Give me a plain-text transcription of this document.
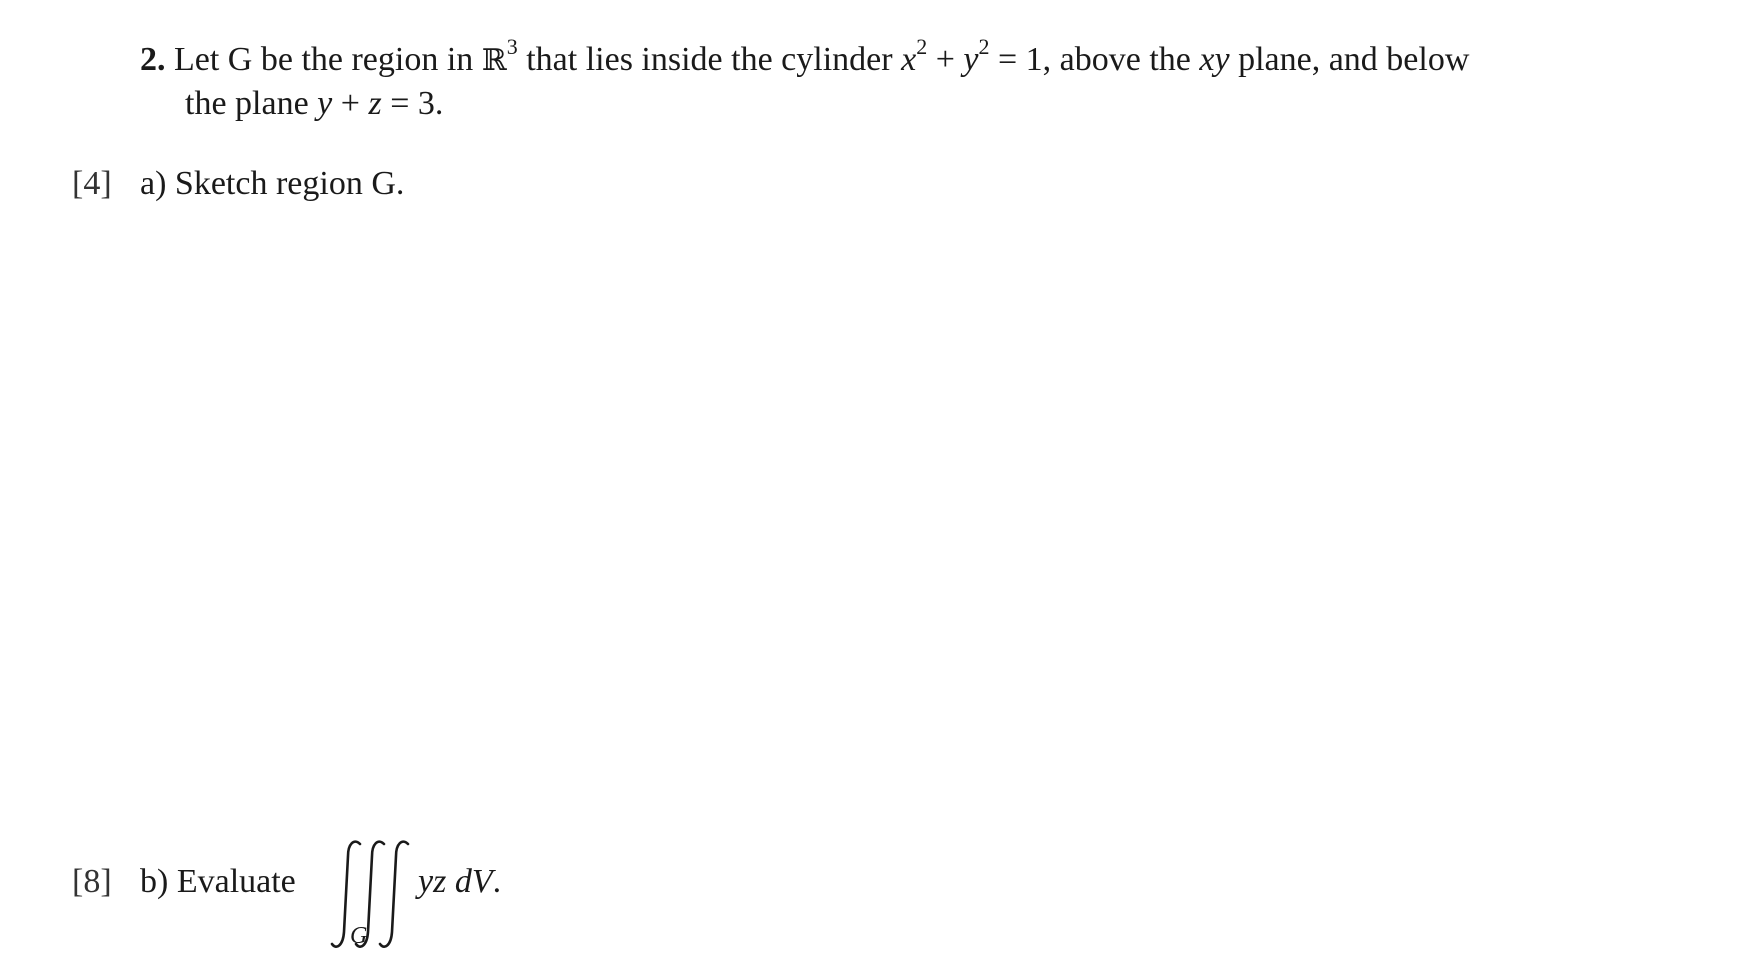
2. Let G be the region in ℝ$^3$ that lies inside the cylinder $x^2 + y^2 = 1$, above the xy plane, and below
the plane y + z = 3.
[4] a) Sketch region G.
[8] b) Evaluate
G
yz dV.
